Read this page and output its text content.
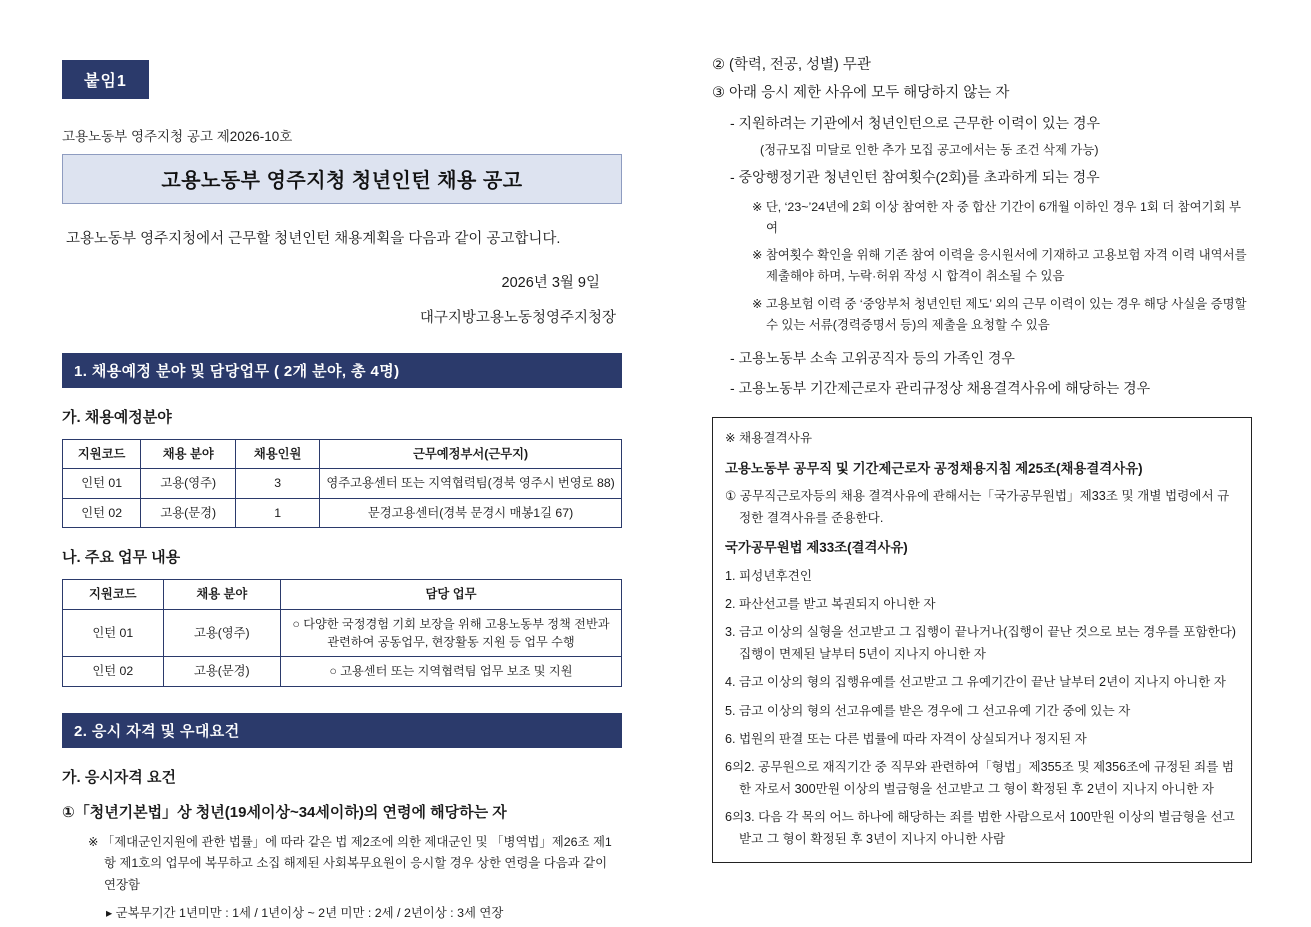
붙임1
고용노동부 영주지청 공고 제2026-10호
고용노동부 영주지청 청년인턴 채용 공고
고용노동부 영주지청에서 근무할 청년인턴 채용계획을 다음과 같이 공고합니다.
2026년 3월 9일
대구지방고용노동청영주지청장
1. 채용예정 분야 및 담당업무 ( 2개 분야, 총 4명)
가. 채용예정분야
지원코드	채용 분야	채용인원	근무예정부서(근무지)
인턴 01	고용(영주)	3	영주고용센터 또는 지역협력팀(경북 영주시 번영로 88)
인턴 02	고용(문경)	1	문경고용센터(경북 문경시 매봉1길 67)
나. 주요 업무 내용
지원코드	채용 분야	담당 업무
인턴 01	고용(영주)	○ 다양한 국정경험 기회 보장을 위해 고용노동부 정책 전반과
관련하여 공동업무, 현장활동 지원 등 업무 수행

인턴 02	고용(문경)	○ 고용센터 또는 지역협력팀 업무 보조 및 지원
2. 응시 자격 및 우대요건
가. 응시자격 요건
①「청년기본법」상 청년(19세이상~34세이하)의 연령에 해당하는 자
※ 「제대군인지원에 관한 법률」에 따라 같은 법 제2조에 의한 제대군인 및 「병역법」제26조 제1항 제1호의 업무에 복무하고 소집 해제된 사회복무요원이 응시할 경우 상한 연령을 다음과 같이 연장함
▸ 군복무기간 1년미만 : 1세 / 1년이상 ~ 2년 미만 : 2세 / 2년이상 : 3세 연장
② (학력, 전공, 성별) 무관
③ 아래 응시 제한 사유에 모두 해당하지 않는 자
- 지원하려는 기관에서 청년인턴으로 근무한 이력이 있는 경우
(정규모집 미달로 인한 추가 모집 공고에서는 동 조건 삭제 가능)
- 중앙행정기관 청년인턴 참여횟수(2회)를 초과하게 되는 경우
※ 단, ‘23~’24년에 2회 이상 참여한 자 중 합산 기간이 6개월 이하인 경우 1회 더 참여기회 부여
※ 참여횟수 확인을 위해 기존 참여 이력을 응시원서에 기재하고 고용보험 자격 이력 내역서를 제출해야 하며, 누락·허위 작성 시 합격이 취소될 수 있음
※ 고용보험 이력 중 ‘중앙부처 청년인턴 제도’ 외의 근무 이력이 있는 경우 해당 사실을 증명할 수 있는 서류(경력증명서 등)의 제출을 요청할 수 있음
- 고용노동부 소속 고위공직자 등의 가족인 경우
- 고용노동부 기간제근로자 관리규정상 채용결격사유에 해당하는 경우
※ 채용결격사유
고용노동부 공무직 및 기간제근로자 공정채용지침 제25조(채용결격사유)
① 공무직근로자등의 채용 결격사유에 관해서는「국가공무원법」제33조 및 개별 법령에서 규정한 결격사유를 준용한다.
국가공무원법 제33조(결격사유)
1. 피성년후견인
2. 파산선고를 받고 복권되지 아니한 자
3. 금고 이상의 실형을 선고받고 그 집행이 끝나거나(집행이 끝난 것으로 보는 경우를 포함한다) 집행이 면제된 날부터 5년이 지나지 아니한 자
4. 금고 이상의 형의 집행유예를 선고받고 그 유예기간이 끝난 날부터 2년이 지나지 아니한 자
5. 금고 이상의 형의 선고유예를 받은 경우에 그 선고유예 기간 중에 있는 자
6. 법원의 판결 또는 다른 법률에 따라 자격이 상실되거나 정지된 자
6의2. 공무원으로 재직기간 중 직무와 관련하여「형법」제355조 및 제356조에 규정된 죄를 범한 자로서 300만원 이상의 벌금형을 선고받고 그 형이 확정된 후 2년이 지나지 아니한 자
6의3. 다음 각 목의 어느 하나에 해당하는 죄를 범한 사람으로서 100만원 이상의 벌금형을 선고받고 그 형이 확정된 후 3년이 지나지 아니한 사람
